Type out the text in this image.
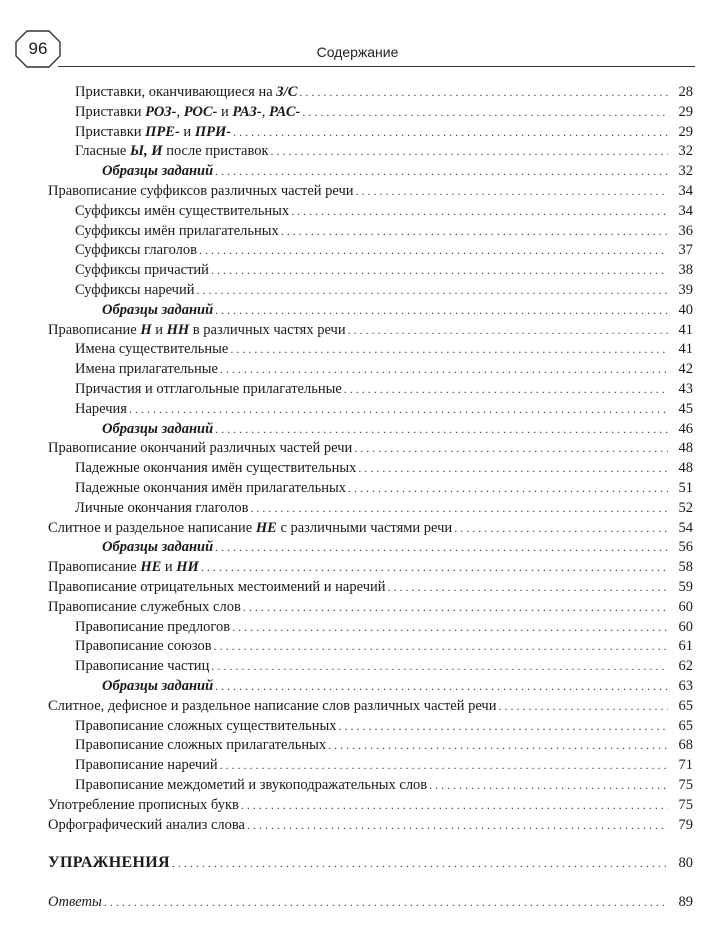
96	Содержание
Приставки, оканчивающиеся на З/С . . .	28
Приставки РОЗ-, РОС- и РАЗ-, РАС- . . .	29
Приставки ПРЕ- и ПРИ- . . .	29
Гласные Ы, И после приставок . . .	32
Образцы заданий . . .	32
Правописание суффиксов различных частей речи . . .	34
Суффиксы имён существительных . . .	34
Суффиксы имён прилагательных . . .	36
Суффиксы глаголов . . .	37
Суффиксы причастий . . .	38
Суффиксы наречий . . .	39
Образцы заданий . . .	40
Правописание Н и НН в различных частях речи . . .	41
Имена существительные . . .	41
Имена прилагательные . . .	42
Причастия и отглагольные прилагательные . . .	43
Наречия . . .	45
Образцы заданий . . .	46
Правописание окончаний различных частей речи . . .	48
Падежные окончания имён существительных . . .	48
Падежные окончания имён прилагательных . . .	51
Личные окончания глаголов . . .	52
Слитное и раздельное написание НЕ с различными частями речи . . .	54
Образцы заданий . . .	56
Правописание НЕ и НИ . . .	58
Правописание отрицательных местоимений и наречий . . .	59
Правописание служебных слов . . .	60
Правописание предлогов . . .	60
Правописание союзов . . .	61
Правописание частиц . . .	62
Образцы заданий . . .	63
Слитное, дефисное и раздельное написание слов различных частей речи . . .	65
Правописание сложных существительных . . .	65
Правописание сложных прилагательных . . .	68
Правописание наречий . . .	71
Правописание междометий и звукоподражательных слов . . .	75
Употребление прописных букв . . .	75
Орфографический анализ слова . . .	79
УПРАЖНЕНИЯ . . .	80
Ответы . . .	89
